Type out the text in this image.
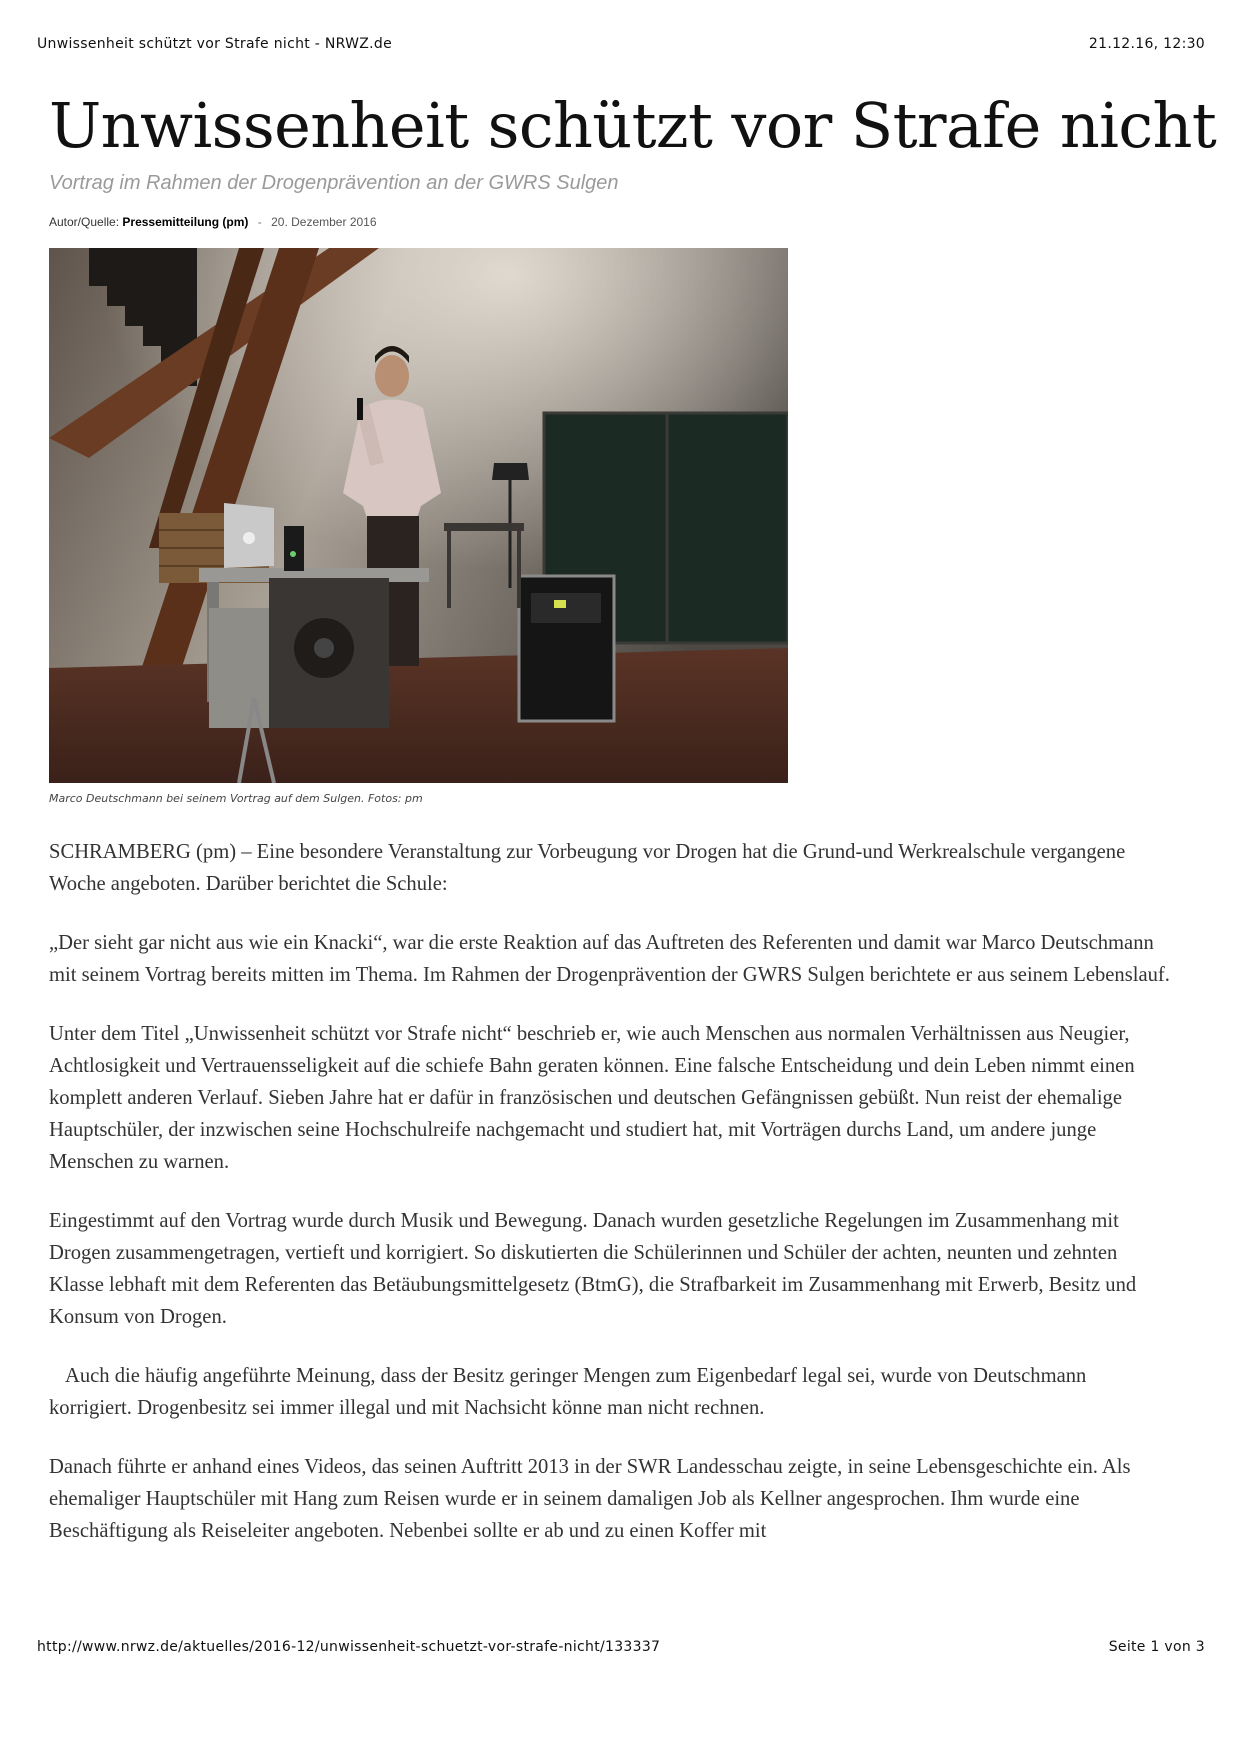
Unwissenheit schützt vor Strafe nicht - NRWZ.de	21.12.16, 12:30
Unwissenheit schützt vor Strafe nicht
Vortrag im Rahmen der Drogenprävention an der GWRS Sulgen
Autor/Quelle: Pressemitteilung (pm) - 20. Dezember 2016
Marco Deutschmann bei seinem Vortrag auf dem Sulgen. Fotos: pm

SCHRAMBERG (pm) – Eine besondere Veranstaltung zur Vorbeugung vor Drogen hat die Grund-und Werkrealschule vergangene Woche angeboten. Darüber berichtet die Schule:

„Der sieht gar nicht aus wie ein Knacki“, war die erste Reaktion auf das Auftreten des Referenten und damit war Marco Deutschmann mit seinem Vortrag bereits mitten im Thema. Im Rahmen der Drogenprävention der GWRS Sulgen berichtete er aus seinem Lebenslauf.

Unter dem Titel „Unwissenheit schützt vor Strafe nicht“ beschrieb er, wie auch Menschen aus normalen Verhältnissen aus Neugier, Achtlosigkeit und Vertrauensseligkeit auf die schiefe Bahn geraten können. Eine falsche Entscheidung und dein Leben nimmt einen komplett anderen Verlauf. Sieben Jahre hat er dafür in französischen und deutschen Gefängnissen gebüßt. Nun reist der ehemalige Hauptschüler, der inzwischen seine Hochschulreife nachgemacht und studiert hat, mit Vorträgen durchs Land, um andere junge Menschen zu warnen.

Eingestimmt auf den Vortrag wurde durch Musik und Bewegung. Danach wurden gesetzliche Regelungen im Zusammenhang mit Drogen zusammengetragen, vertieft und korrigiert. So diskutierten die Schülerinnen und Schüler der achten, neunten und zehnten Klasse lebhaft mit dem Referenten das Betäubungsmittelgesetz (BtmG), die Strafbarkeit im Zusammenhang mit Erwerb, Besitz und Konsum von Drogen.

Auch die häufig angeführte Meinung, dass der Besitz geringer Mengen zum Eigenbedarf legal sei, wurde von Deutschmann korrigiert. Drogenbesitz sei immer illegal und mit Nachsicht könne man nicht rechnen.

Danach führte er anhand eines Videos, das seinen Auftritt 2013 in der SWR Landesschau zeigte, in seine Lebensgeschichte ein. Als ehemaliger Hauptschüler mit Hang zum Reisen wurde er in seinem damaligen Job als Kellner angesprochen. Ihm wurde eine Beschäftigung als Reiseleiter angeboten. Nebenbei sollte er ab und zu einen Koffer mit

http://www.nrwz.de/aktuelles/2016-12/unwissenheit-schuetzt-vor-strafe-nicht/133337	Seite 1 von 3
